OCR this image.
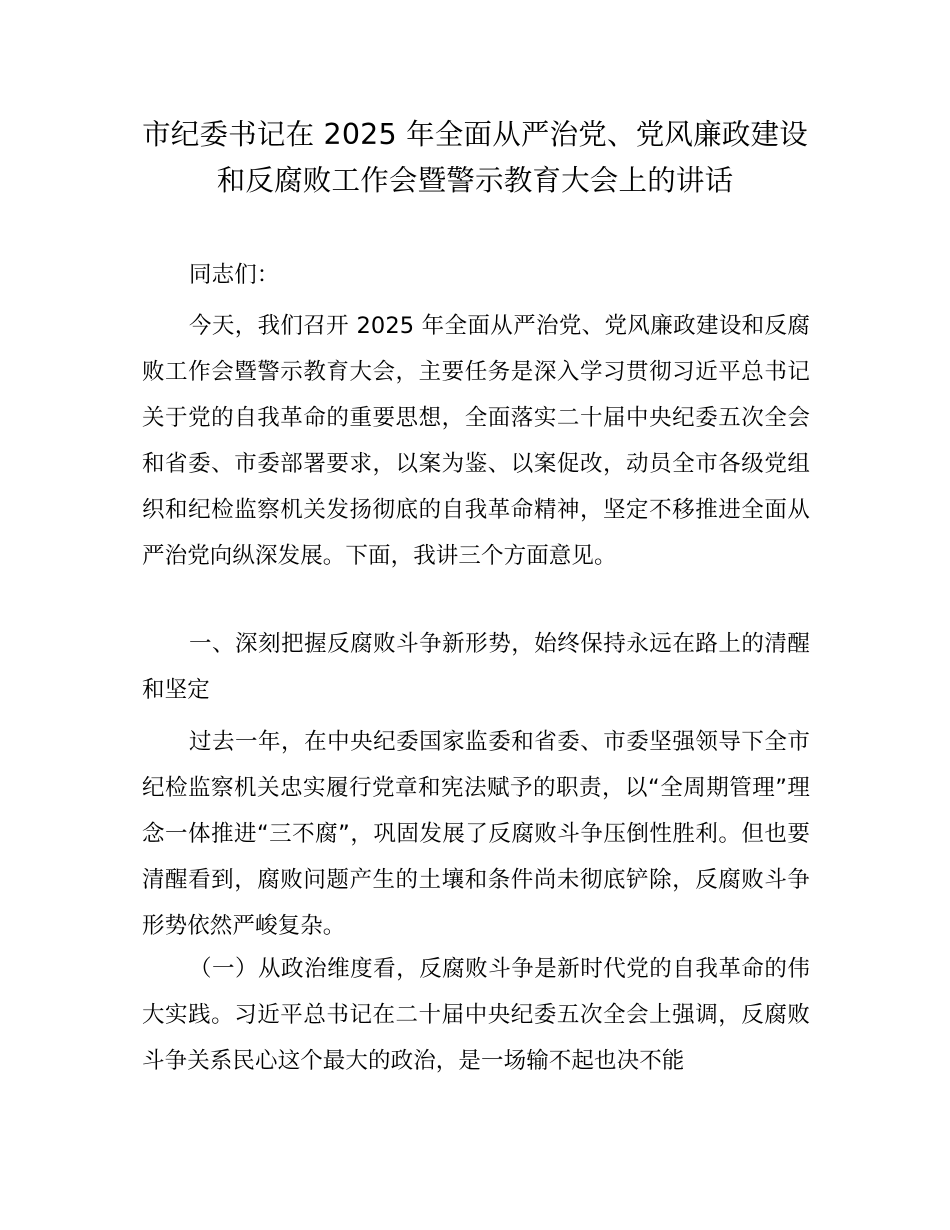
市纪委书记在 2025 年全面从严治党、党风廉政建设和反腐败工作会暨警示教育大会上的讲话

同志们：

今天，我们召开 2025 年全面从严治党、党风廉政建设和反腐败工作会暨警示教育大会，主要任务是深入学习贯彻习近平总书记关于党的自我革命的重要思想，全面落实二十届中央纪委五次全会和省委、市委部署要求，以案为鉴、以案促改，动员全市各级党组织和纪检监察机关发扬彻底的自我革命精神，坚定不移推进全面从严治党向纵深发展。下面，我讲三个方面意见。

一、深刻把握反腐败斗争新形势，始终保持永远在路上的清醒和坚定

过去一年，在中央纪委国家监委和省委、市委坚强领导下全市纪检监察机关忠实履行党章和宪法赋予的职责，以“全周期管理”理念一体推进“三不腐”，巩固发展了反腐败斗争压倒性胜利。但也要清醒看到，腐败问题产生的土壤和条件尚未彻底铲除，反腐败斗争形势依然严峻复杂。

（一）从政治维度看，反腐败斗争是新时代党的自我革命的伟大实践。习近平总书记在二十届中央纪委五次全会上强调，反腐败斗争关系民心这个最大的政治，是一场输不起也决不能
